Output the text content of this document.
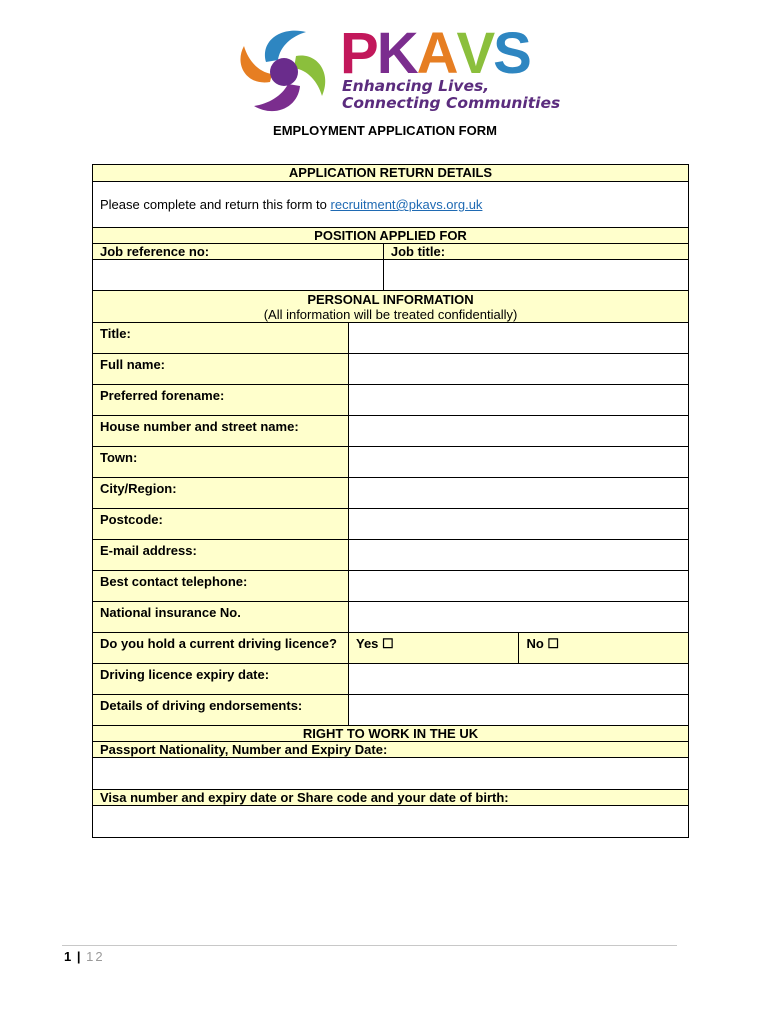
PKAVS
Enhancing Lives,
Connecting Communities
EMPLOYMENT APPLICATION FORM
APPLICATION RETURN DETAILS			
Please complete and return this form to recruitment@pkavs.org.uk			
POSITION APPLIED FOR			
Job reference no:		Job title:	

PERSONAL INFORMATION
(All information will be treated confidentially)			

Title:			

Full name:			

Preferred forename:			

House number and street name:			

Town:			

City/Region:			

Postcode:			

E-mail address:			

Best contact telephone:			

National insurance No.			

Do you hold a current driving licence?	Yes ☐		No ☐

Driving licence expiry date:			

Details of driving endorsements:			

RIGHT TO WORK IN THE UK			
Passport Nationality, Number and Expiry Date:			

Visa number and expiry date or Share code and your date of birth:			

1 | 12
